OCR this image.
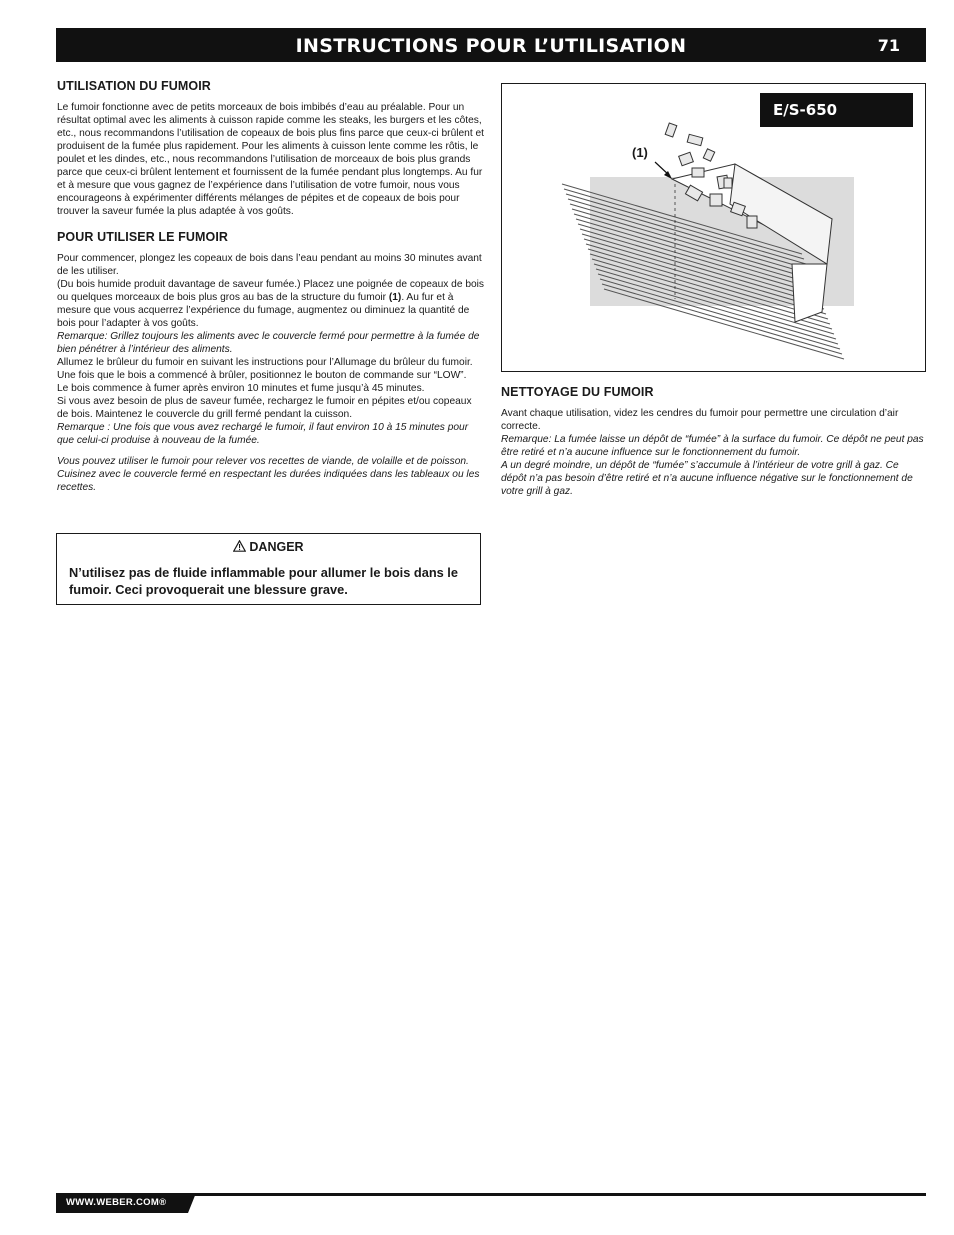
INSTRUCTIONS POUR L’UTILISATION	71
UTILISATION DU FUMOIR

Le fumoir fonctionne avec de petits morceaux de bois imbibés d’eau au préalable. Pour un résultat optimal avec les aliments à cuisson rapide comme les steaks, les burgers et les côtes, etc., nous recommandons l’utilisation de copeaux de bois plus fins parce que ceux-ci brûlent et produisent de la fumée plus rapidement. Pour les aliments à cuisson lente comme les rôtis, le poulet et les dindes, etc., nous recommandons l’utilisation de morceaux de bois plus grands parce que ceux-ci brûlent lentement et fournissent de la fumée pendant plus longtemps. Au fur et à mesure que vous gagnez de l’expérience dans l’utilisation de votre fumoir, nous vous encourageons à expérimenter différents mélanges de pépites et de copeaux de bois pour trouver la saveur fumée la plus adaptée à vos goûts.

POUR UTILISER LE FUMOIR

Pour commencer, plongez les copeaux de bois dans l’eau pendant au moins 30 minutes avant de les utiliser.

(Du bois humide produit davantage de saveur fumée.) Placez une poignée de copeaux de bois ou quelques morceaux de bois plus gros au bas de la structure du fumoir (1). Au fur et à mesure que vous acquerrez l’expérience du fumage, augmentez ou diminuez la quantité de bois pour l’adapter à vos goûts.

Remarque: Grillez toujours les aliments avec le couvercle fermé pour permettre à la fumée de bien pénétrer à l’intérieur des aliments.

Allumez le brûleur du fumoir en suivant les instructions pour l’Allumage du brûleur du fumoir. Une fois que le bois a commencé à brûler, positionnez le bouton de commande sur “LOW”.

Le bois commence à fumer après environ 10 minutes et fume jusqu’à 45 minutes.

Si vous avez besoin de plus de saveur fumée, rechargez le fumoir en pépites et/ou copeaux de bois. Maintenez le couvercle du grill fermé pendant la cuisson.

Remarque : Une fois que vous avez rechargé le fumoir, il faut environ 10 à 15 minutes pour que celui-ci produise à nouveau de la fumée.

Vous pouvez utiliser le fumoir pour relever vos recettes de viande, de volaille et de poisson. Cuisinez avec le couvercle fermé en respectant les durées indiquées dans les tableaux ou les recettes.

DANGER
N’utilisez pas de fluide inflammable pour allumer le bois dans le fumoir. Ceci provoquerait une blessure grave.
E/S-650
(1)
NETTOYAGE DU FUMOIR

Avant chaque utilisation, videz les cendres du fumoir pour permettre une circulation d’air correcte.

Remarque: La fumée laisse un dépôt de “fumée” à la surface du fumoir. Ce dépôt ne peut pas être retiré et n’a aucune influence sur le fonctionnement du fumoir.

A un degré moindre, un dépôt de “fumée” s’accumule à l’intérieur de votre grill à gaz. Ce dépôt n’a pas besoin d’être retiré et n’a aucune influence négative sur le fonctionnement de votre grill à gaz.

WWW.WEBER.COM®
